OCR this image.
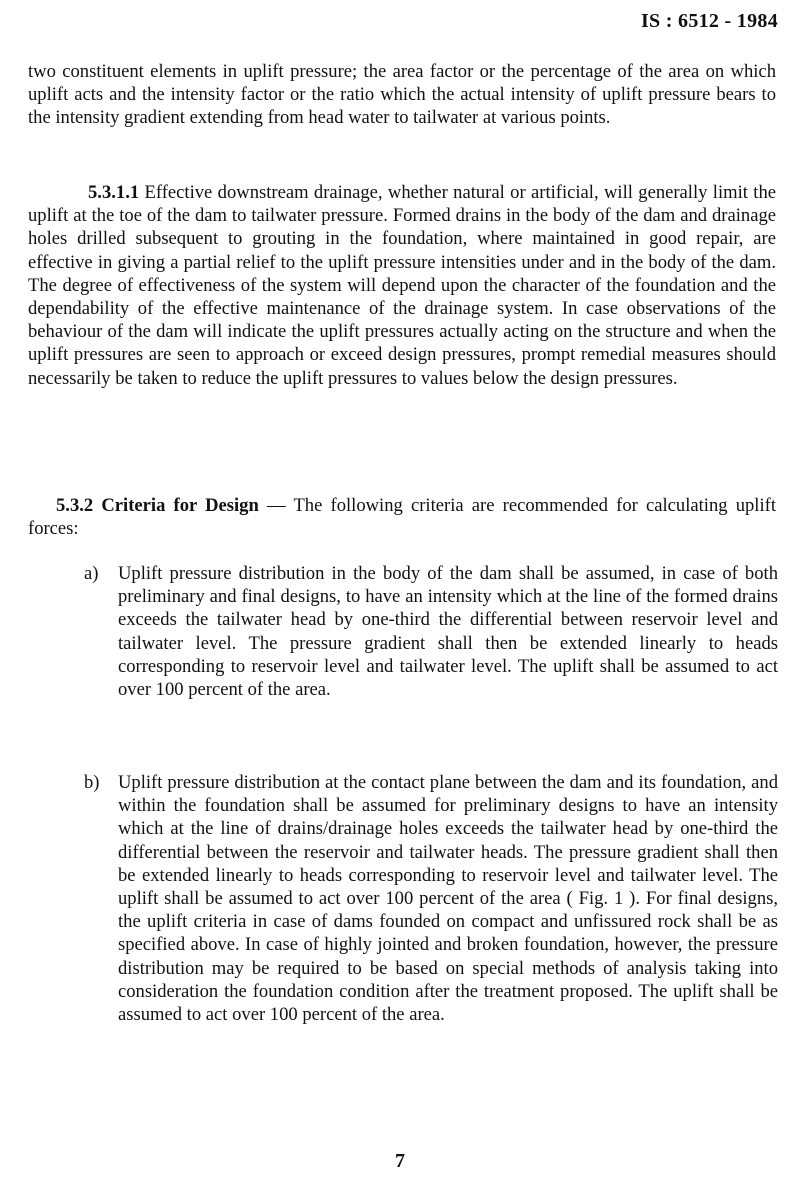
IS : 6512 - 1984

two constituent elements in uplift pressure; the area factor or the percentage of the area on which uplift acts and the intensity factor or the ratio which the actual intensity of uplift pressure bears to the intensity gradient extending from head water to tailwater at various points.

5.3.1.1 Effective downstream drainage, whether natural or artificial, will generally limit the uplift at the toe of the dam to tailwater pressure. Formed drains in the body of the dam and drainage holes drilled subsequent to grouting in the foundation, where maintained in good repair, are effective in giving a partial relief to the uplift pressure intensities under and in the body of the dam. The degree of effectiveness of the system will depend upon the character of the foundation and the dependability of the effective maintenance of the drainage system. In case observations of the behaviour of the dam will indicate the uplift pressures actually acting on the structure and when the uplift pressures are seen to approach or exceed design pressures, prompt remedial measures should necessarily be taken to reduce the uplift pressures to values below the design pressures.

5.3.2 Criteria for Design — The following criteria are recommended for calculating uplift forces:

a) Uplift pressure distribution in the body of the dam shall be assumed, in case of both preliminary and final designs, to have an intensity which at the line of the formed drains exceeds the tailwater head by one-third the differential between reservoir level and tailwater level. The pressure gradient shall then be extended linearly to heads corresponding to reservoir level and tailwater level. The uplift shall be assumed to act over 100 percent of the area.
b) Uplift pressure distribution at the contact plane between the dam and its foundation, and within the foundation shall be assumed for preliminary designs to have an intensity which at the line of drains/drainage holes exceeds the tailwater head by one-third the differential between the reservoir and tailwater heads. The pressure gradient shall then be extended linearly to heads corresponding to reservoir level and tailwater level. The uplift shall be assumed to act over 100 percent of the area ( Fig. 1 ). For final designs, the uplift criteria in case of dams founded on compact and unfissured rock shall be as specified above. In case of highly jointed and broken foundation, however, the pressure distribution may be required to be based on special methods of analysis taking into consideration the foundation condition after the treatment proposed. The uplift shall be assumed to act over 100 percent of the area.
7
